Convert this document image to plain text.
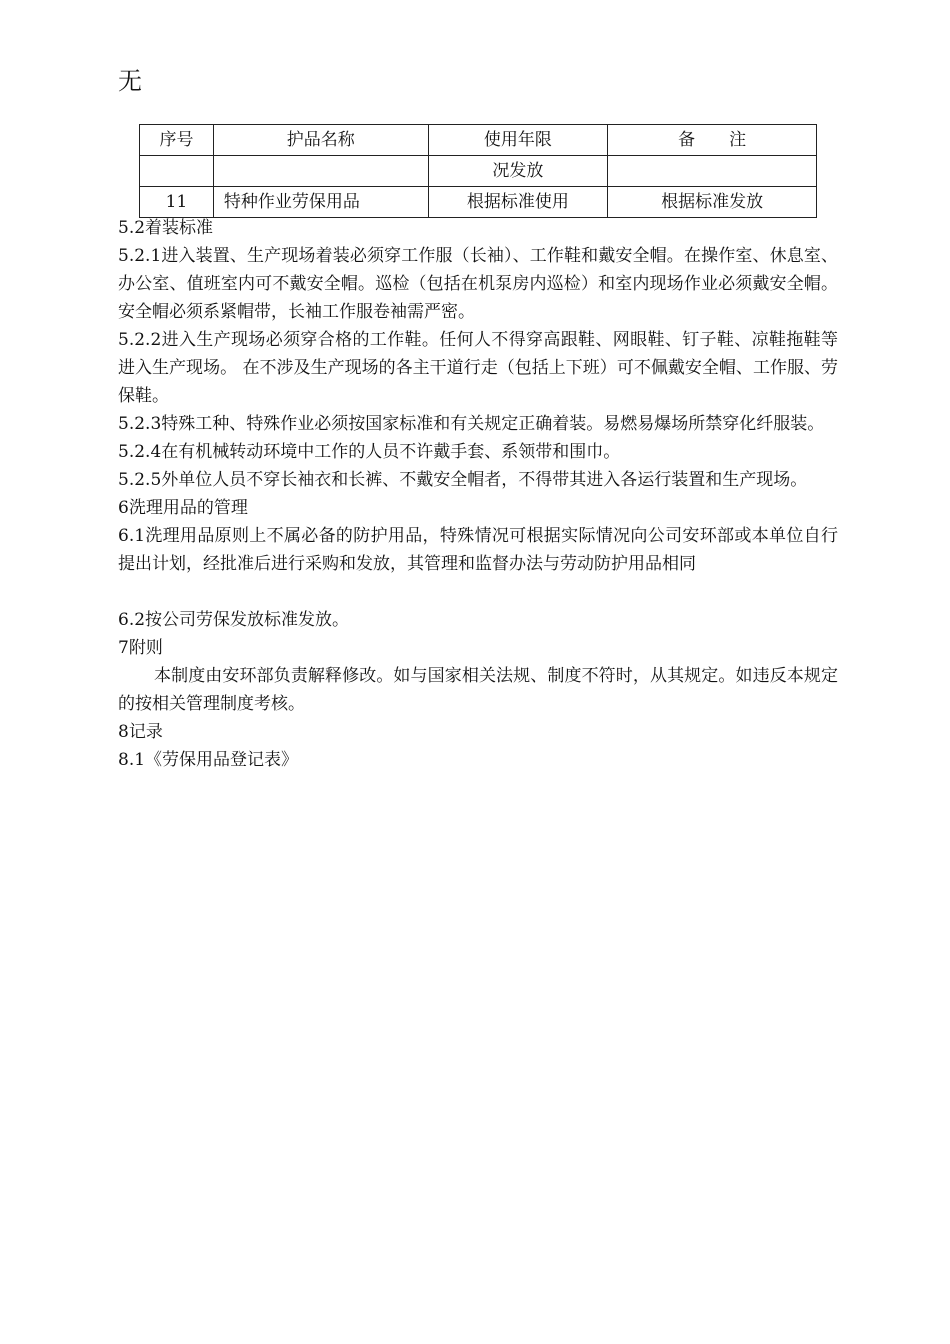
无
序号	护品名称	使用年限	备　　注
		况发放	
11	特种作业劳保用品	根据标准使用	根据标准发放

5.2着装标准

5.2.1进入装置、生产现场着装必须穿工作服（长袖）、工作鞋和戴安全帽。在操作室、休息室、办公室、值班室内可不戴安全帽。巡检（包括在机泵房内巡检）和室内现场作业必须戴安全帽。安全帽必须系紧帽带，长袖工作服卷袖需严密。

5.2.2进入生产现场必须穿合格的工作鞋。任何人不得穿高跟鞋、网眼鞋、钉子鞋、凉鞋拖鞋等进入生产现场。 在不涉及生产现场的各主干道行走（包括上下班）可不佩戴安全帽、工作服、劳保鞋。

5.2.3特殊工种、特殊作业必须按国家标准和有关规定正确着装。易燃易爆场所禁穿化纤服装。

5.2.4在有机械转动环境中工作的人员不许戴手套、系领带和围巾。

5.2.5外单位人员不穿长袖衣和长裤、不戴安全帽者，不得带其进入各运行装置和生产现场。

6洗理用品的管理

6.1洗理用品原则上不属必备的防护用品，特殊情况可根据实际情况向公司安环部或本单位自行提出计划，经批准后进行采购和发放，其管理和监督办法与劳动防护用品相同

6.2按公司劳保发放标准发放。

7附则

本制度由安环部负责解释修改。如与国家相关法规、制度不符时，从其规定。如违反本规定的按相关管理制度考核。

8记录

8.1《劳保用品登记表》
